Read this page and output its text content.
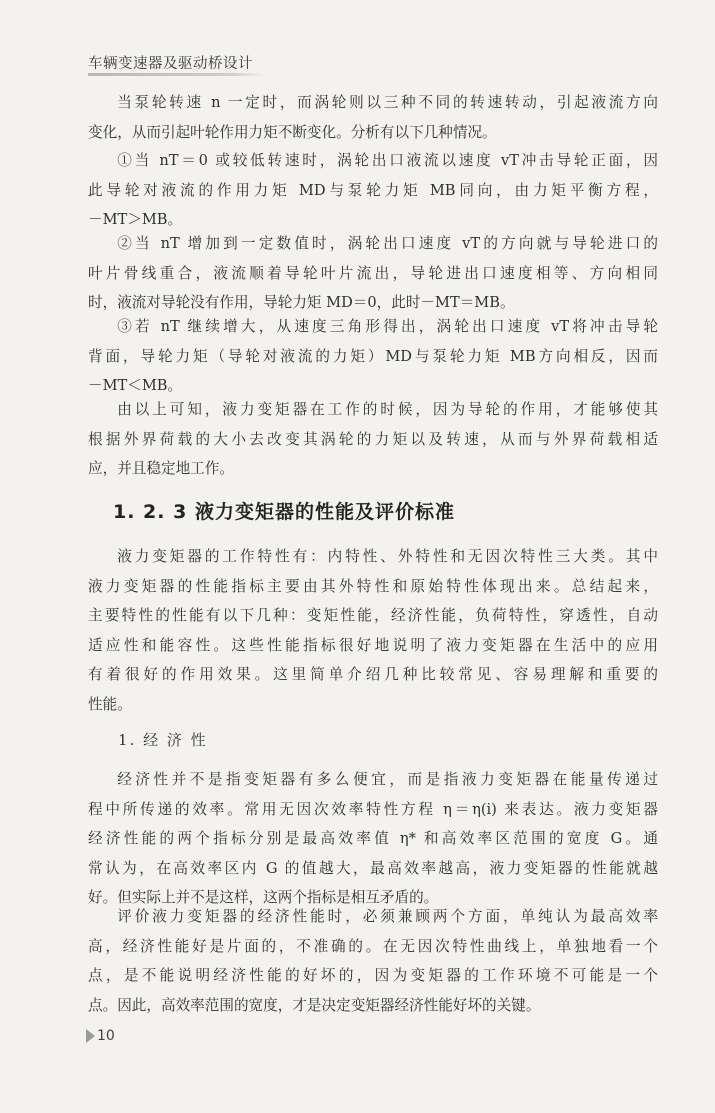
车辆变速器及驱动桥设计
当泵轮转速 n 一定时，而涡轮则以三种不同的转速转动，引起液流方向
变化，从而引起叶轮作用力矩不断变化。分析有以下几种情况。
①当 nT＝0 或较低转速时，涡轮出口液流以速度 vT冲击导轮正面，因
此导轮对液流的作用力矩 MD与泵轮力矩 MB同向，由力矩平衡方程，
－MT＞MB。
②当 nT 增加到一定数值时，涡轮出口速度 vT的方向就与导轮进口的
叶片骨线重合，液流顺着导轮叶片流出，导轮进出口速度相等、方向相同
时，液流对导轮没有作用，导轮力矩 MD＝0，此时－MT＝MB。
③若 nT 继续增大，从速度三角形得出，涡轮出口速度 vT将冲击导轮
背面，导轮力矩（导轮对液流的力矩）MD与泵轮力矩 MB方向相反，因而
－MT＜MB。
由以上可知，液力变矩器在工作的时候，因为导轮的作用，才能够使其
根据外界荷载的大小去改变其涡轮的力矩以及转速，从而与外界荷载相适
应，并且稳定地工作。
1. 2. 3 液力变矩器的性能及评价标准
液力变矩器的工作特性有：内特性、外特性和无因次特性三大类。其中
液力变矩器的性能指标主要由其外特性和原始特性体现出来。总结起来，
主要特性的性能有以下几种：变矩性能，经济性能，负荷特性，穿透性，自动
适应性和能容性。这些性能指标很好地说明了液力变矩器在生活中的应用
有着很好的作用效果。这里简单介绍几种比较常见、容易理解和重要的
性能。
1. 经 济 性
经济性并不是指变矩器有多么便宜，而是指液力变矩器在能量传递过
程中所传递的效率。常用无因次效率特性方程 η＝η(i) 来表达。液力变矩器
经济性能的两个指标分别是最高效率值 η* 和高效率区范围的宽度 G。通
常认为，在高效率区内 G 的值越大，最高效率越高，液力变矩器的性能就越
好。但实际上并不是这样，这两个指标是相互矛盾的。
评价液力变矩器的经济性能时，必须兼顾两个方面，单纯认为最高效率
高，经济性能好是片面的，不准确的。在无因次特性曲线上，单独地看一个
点，是不能说明经济性能的好坏的，因为变矩器的工作环境不可能是一个
点。因此，高效率范围的宽度，才是决定变矩器经济性能好坏的关键。
10
